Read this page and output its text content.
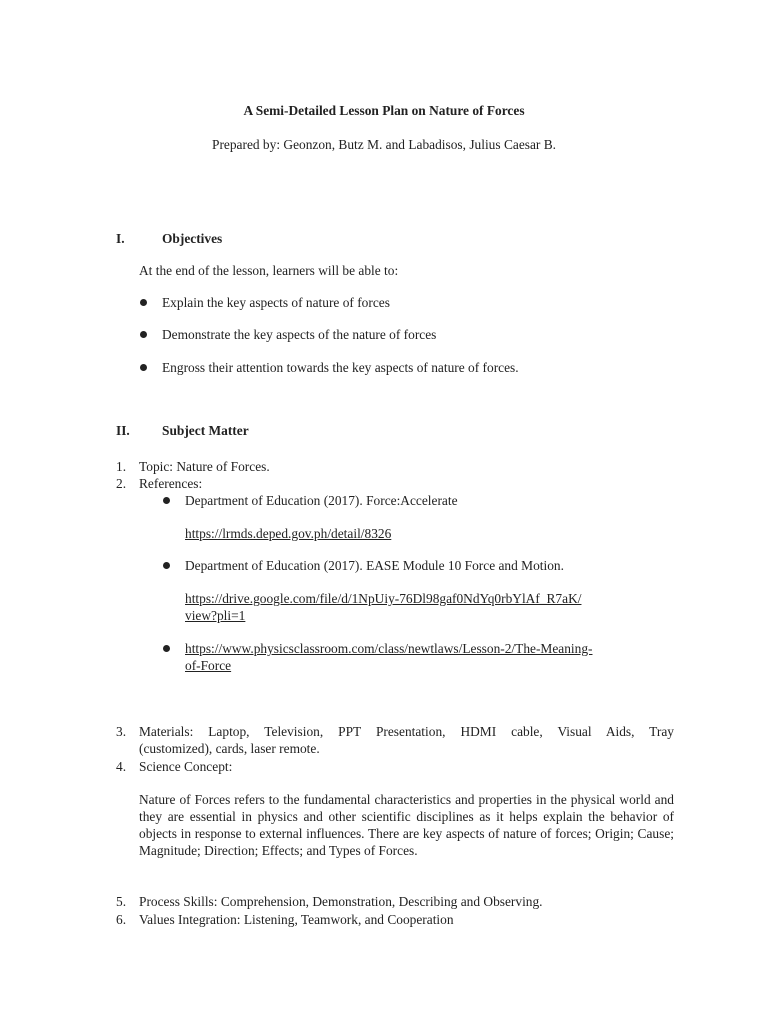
A Semi-Detailed Lesson Plan on Nature of Forces
Prepared by: Geonzon, Butz M. and Labadisos, Julius Caesar B.
I.	Objectives
At the end of the lesson, learners will be able to:
Explain the key aspects of nature of forces
Demonstrate the key aspects of the nature of forces
Engross their attention towards the key aspects of nature of forces.
II. Subject Matter
1. Topic: Nature of Forces.
2. References:
Department of Education (2017). Force:Accelerate
https://lrmds.deped.gov.ph/detail/8326
Department of Education (2017). EASE Module 10 Force and Motion.
https://drive.google.com/file/d/1NpUiy-76Dl98gaf0NdYq0rbYlAf_R7aK/
view?pli=1
https://www.physicsclassroom.com/class/newtlaws/Lesson-2/The-Meaning-
of-Force
3. Materials: Laptop, Television, PPT Presentation, HDMI cable, Visual Aids, Tray
(customized), cards, laser remote.
4. Science Concept:
Nature of Forces refers to the fundamental characteristics and properties in the physical world and they are essential in physics and other scientific disciplines as it helps explain the behavior of objects in response to external influences. There are key aspects of nature of forces; Origin; Cause; Magnitude; Direction; Effects; and Types of Forces.
5. Process Skills: Comprehension, Demonstration, Describing and Observing.
6. Values Integration: Listening, Teamwork, and Cooperation
